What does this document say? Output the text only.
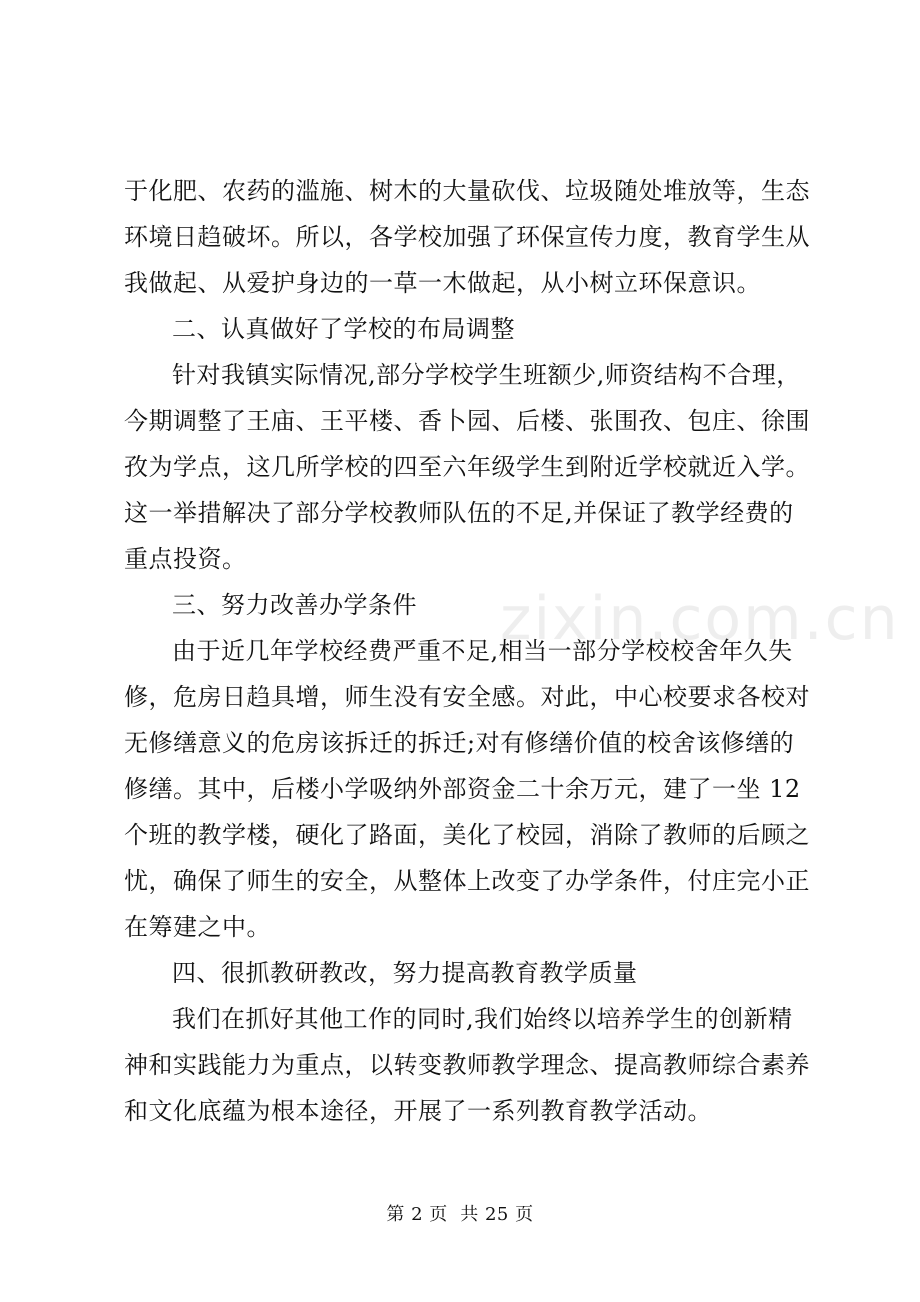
于化肥、农药的滥施、树木的大量砍伐、垃圾随处堆放等，生态

环境日趋破坏。所以，各学校加强了环保宣传力度，教育学生从

我做起、从爱护身边的一草一木做起，从小树立环保意识。

二、认真做好了学校的布局调整

针对我镇实际情况,部分学校学生班额少,师资结构不合理，

今期调整了王庙、王平楼、香卜园、后楼、张围孜、包庄、徐围

孜为学点，这几所学校的四至六年级学生到附近学校就近入学。

这一举措解决了部分学校教师队伍的不足,并保证了教学经费的

重点投资。

三、努力改善办学条件

由于近几年学校经费严重不足,相当一部分学校校舍年久失

修，危房日趋具增，师生没有安全感。对此，中心校要求各校对

无修缮意义的危房该拆迁的拆迁;对有修缮价值的校舍该修缮的

修缮。其中，后楼小学吸纳外部资金二十余万元，建了一坐 12

个班的教学楼，硬化了路面，美化了校园，消除了教师的后顾之

忧，确保了师生的安全，从整体上改变了办学条件，付庄完小正

在筹建之中。

四、很抓教研教改，努力提高教育教学质量

我们在抓好其他工作的同时,我们始终以培养学生的创新精

神和实践能力为重点，以转变教师教学理念、提高教师综合素养

和文化底蕴为根本途径，开展了一系列教育教学活动。

zixin.com.cn
第 2 页  共 25 页
